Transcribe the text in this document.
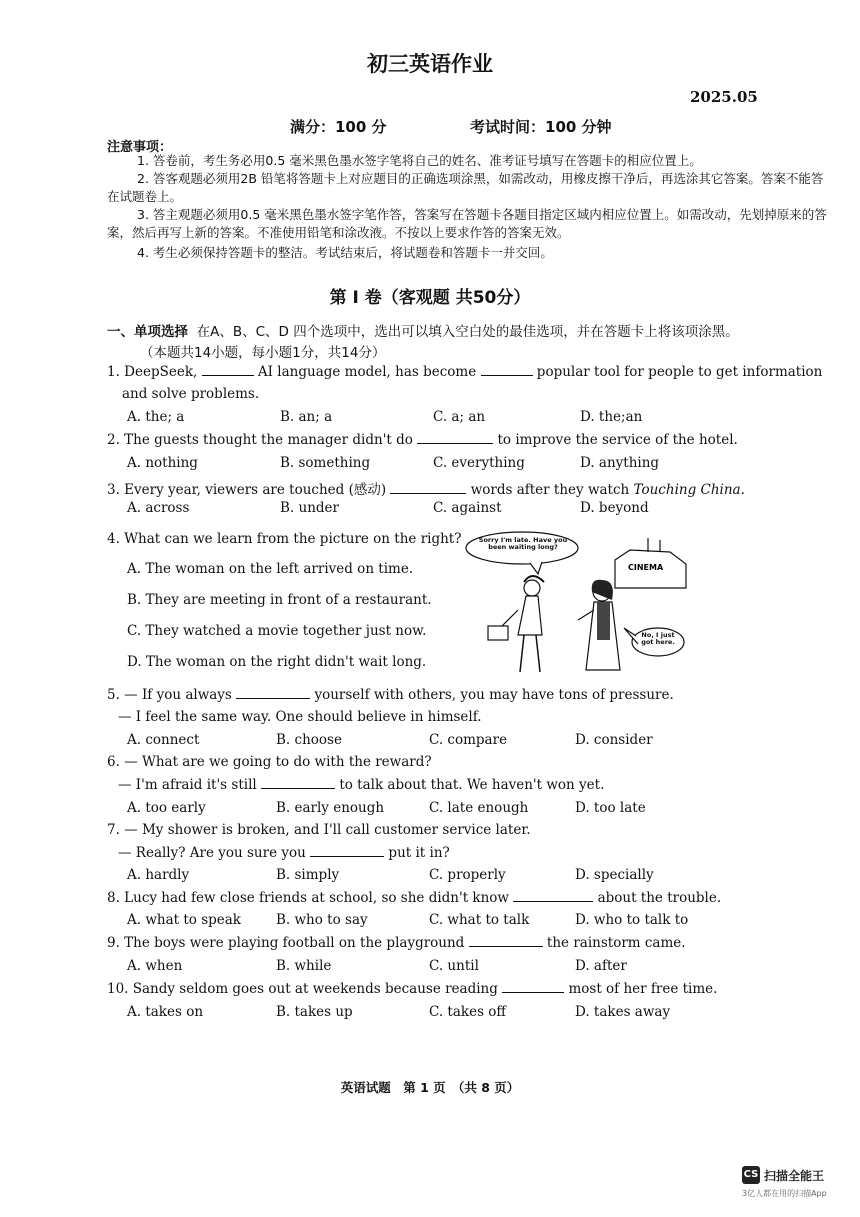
初三英语作业
2025.05
满分：100 分	考试时间：100 分钟
注意事项：
1. 答卷前，考生务必用0.5 毫米黑色墨水签字笔将自己的姓名、准考证号填写在答题卡的相应位置上。
2. 答客观题必须用2B 铅笔将答题卡上对应题目的正确选项涂黑，如需改动，用橡皮擦干净后，再选涂其它答案。答案不能答在试题卷上。
3. 答主观题必须用0.5 毫米黑色墨水签字笔作答，答案写在答题卡各题目指定区域内相应位置上。如需改动，先划掉原来的答案，然后再写上新的答案。不准使用铅笔和涂改液。不按以上要求作答的答案无效。
4. 考生必须保持答题卡的整洁。考试结束后，将试题卷和答题卡一并交回。
第 I 卷（客观题 共50分）
一、单项选择 在A、B、C、D 四个选项中，选出可以填入空白处的最佳选项，并在答题卡上将该项涂黑。
（本题共14小题，每小题1分，共14分）
1. DeepSeek,	AI language model, has become	popular tool for people to get information
and solve problems.
A. the; a	B. an; a	C. a; an	D. the;an
2. The guests thought the manager didn't do	to improve the service of the hotel.
A. nothing	B. something	C. everything	D. anything
3. Every year, viewers are touched (感动)	words after they watch Touching China.
A. across	B. under	C. against	D. beyond
4. What can we learn from the picture on the right?
A. The woman on the left arrived on time.
B. They are meeting in front of a restaurant.
C. They watched a movie together just now.
D. The woman on the right didn't wait long.
Sorry I'm late. Have you been waiting long?
CINEMA
No, I just got here.
5. — If you always	yourself with others, you may have tons of pressure.
— I feel the same way. One should believe in himself.
A. connect	B. choose	C. compare	D. consider
6. — What are we going to do with the reward?
— I'm afraid it's still	to talk about that. We haven't won yet.
A. too early	B. early enough	C. late enough	D. too late
7. — My shower is broken, and I'll call customer service later.
— Really? Are you sure you	put it in?
A. hardly	B. simply	C. properly	D. specially
8. Lucy had few close friends at school, so she didn't know	about the trouble.
A. what to speak	B. who to say	C. what to talk	D. who to talk to
9. The boys were playing football on the playground	the rainstorm came.
A. when	B. while	C. until	D. after
10. Sandy seldom goes out at weekends because reading	most of her free time.
A. takes on	B. takes up	C. takes off	D. takes away
英语试题　第 1 页　（共 8 页）
CS 扫描全能王
3亿人都在用的扫描App
